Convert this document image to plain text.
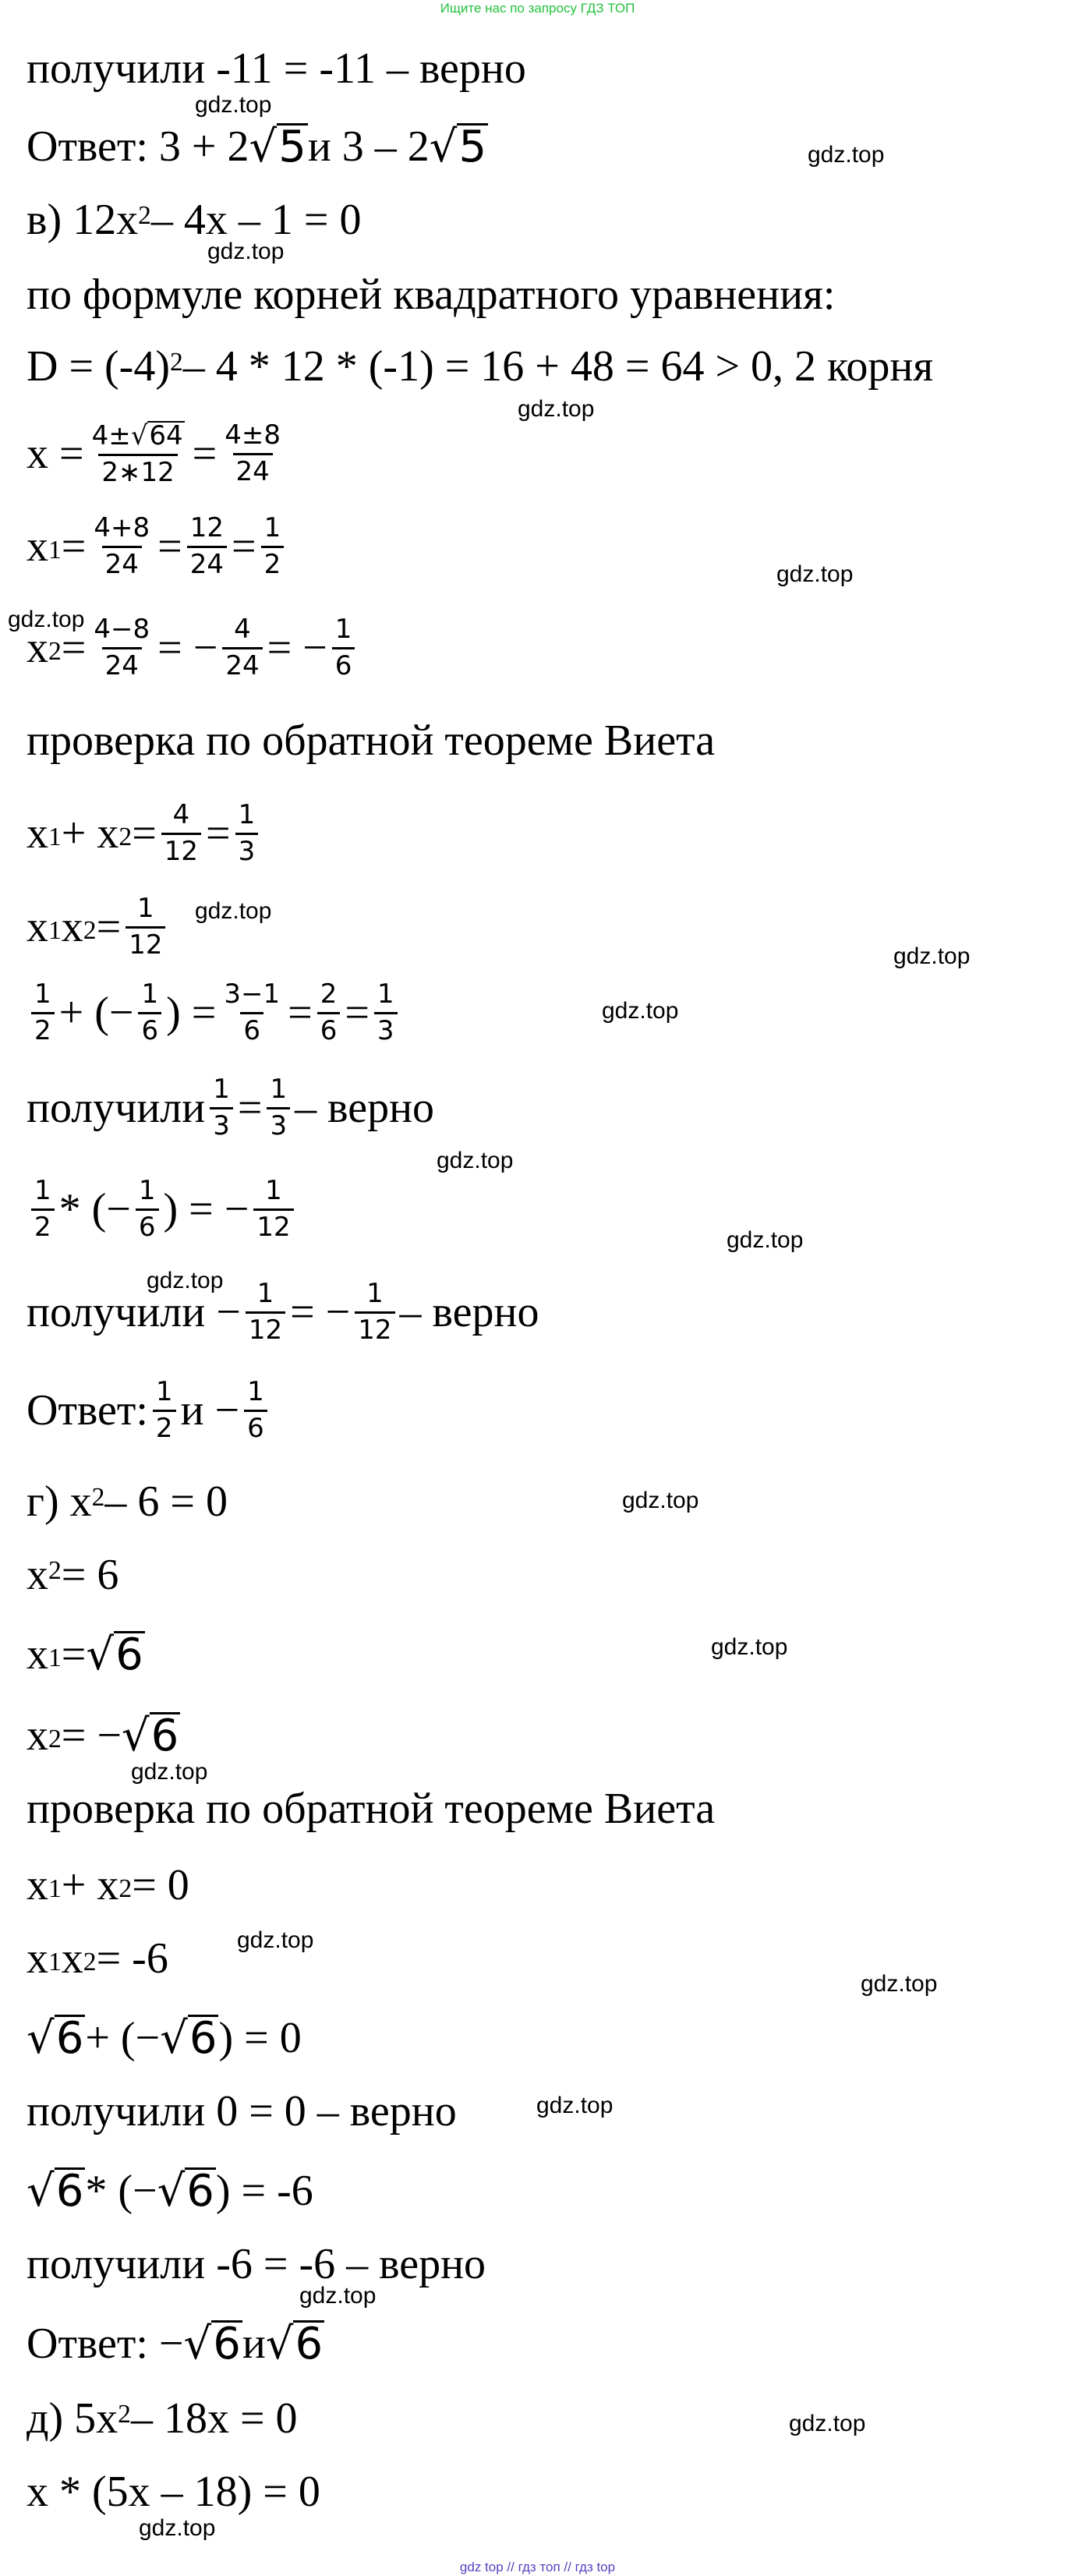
Ищите нас по запросу ГДЗ ТОП
получили -11 = -11 – верно
Ответ: 3 + 2 √ 5 и 3 – 2 √ 5
в) $12x^2 - 4x - 1 = 0$
по формуле корней квадратного уравнения:
$D = (-4)^2 - 4 * 12 * (-1) = 16 + 48 = 64 > 0$, 2 корня
$x = \frac{4\pm √ 64}{2∗12} = \frac{4\pm 8}{24}$
$x_1 = \frac{4+8}{24} = \frac{12}{24} = \frac{1}{2}$
$x_2 = \frac{4-8}{24}$ = − $\frac{4}{24}$ = − $\frac{1}{6}$
проверка по обратной теореме Виета
$x_1 + x_2 = \frac{4}{12} = \frac{1}{3}$
$x_1$ $x_2 = \frac{1}{12}$
$\frac{1}{2}$ + (− $\frac{1}{6}$ ) = $\frac{3-1}{6} = \frac{2}{6} = \frac{1}{3}$
получили $\frac{1}{3} = \frac{1}{3}$ – верно
$\frac{1}{2}$ * (− $\frac{1}{6}$ ) = − $\frac{1}{12}$
получили − $\frac{1}{12}$ = − $\frac{1}{12}$ – верно
Ответ: $\frac{1}{2}$ $и - \frac{1}{6}$
г) $x^2 - 6 = 0$
$x^2 = 6$
$x_1$ = √ 6
$x_2$ = − √ 6
проверка по обратной теореме Виета
$x_1 + x_2 = 0$
$x_1$ $x_2 = -6$
√ 6 + (− √ 6 ) = 0
получили 0 = 0 – верно
√ 6 * (− √ 6 ) = -6
получили -6 = -6 – верно
Ответ: − √ 6 и √ 6
д) $5x^2 - 18x = 0$
x * (5x – 18) = 0
gdz.top
gdz.top
gdz.top
gdz.top
gdz.top
gdz.top
gdz.top
gdz.top
gdz.top
gdz.top
gdz.top
gdz.top
gdz.top
gdz.top
gdz.top
gdz.top
gdz.top
gdz.top
gdz.top
gdz.top
gdz.top
gdz top // гдз топ // гдз top
